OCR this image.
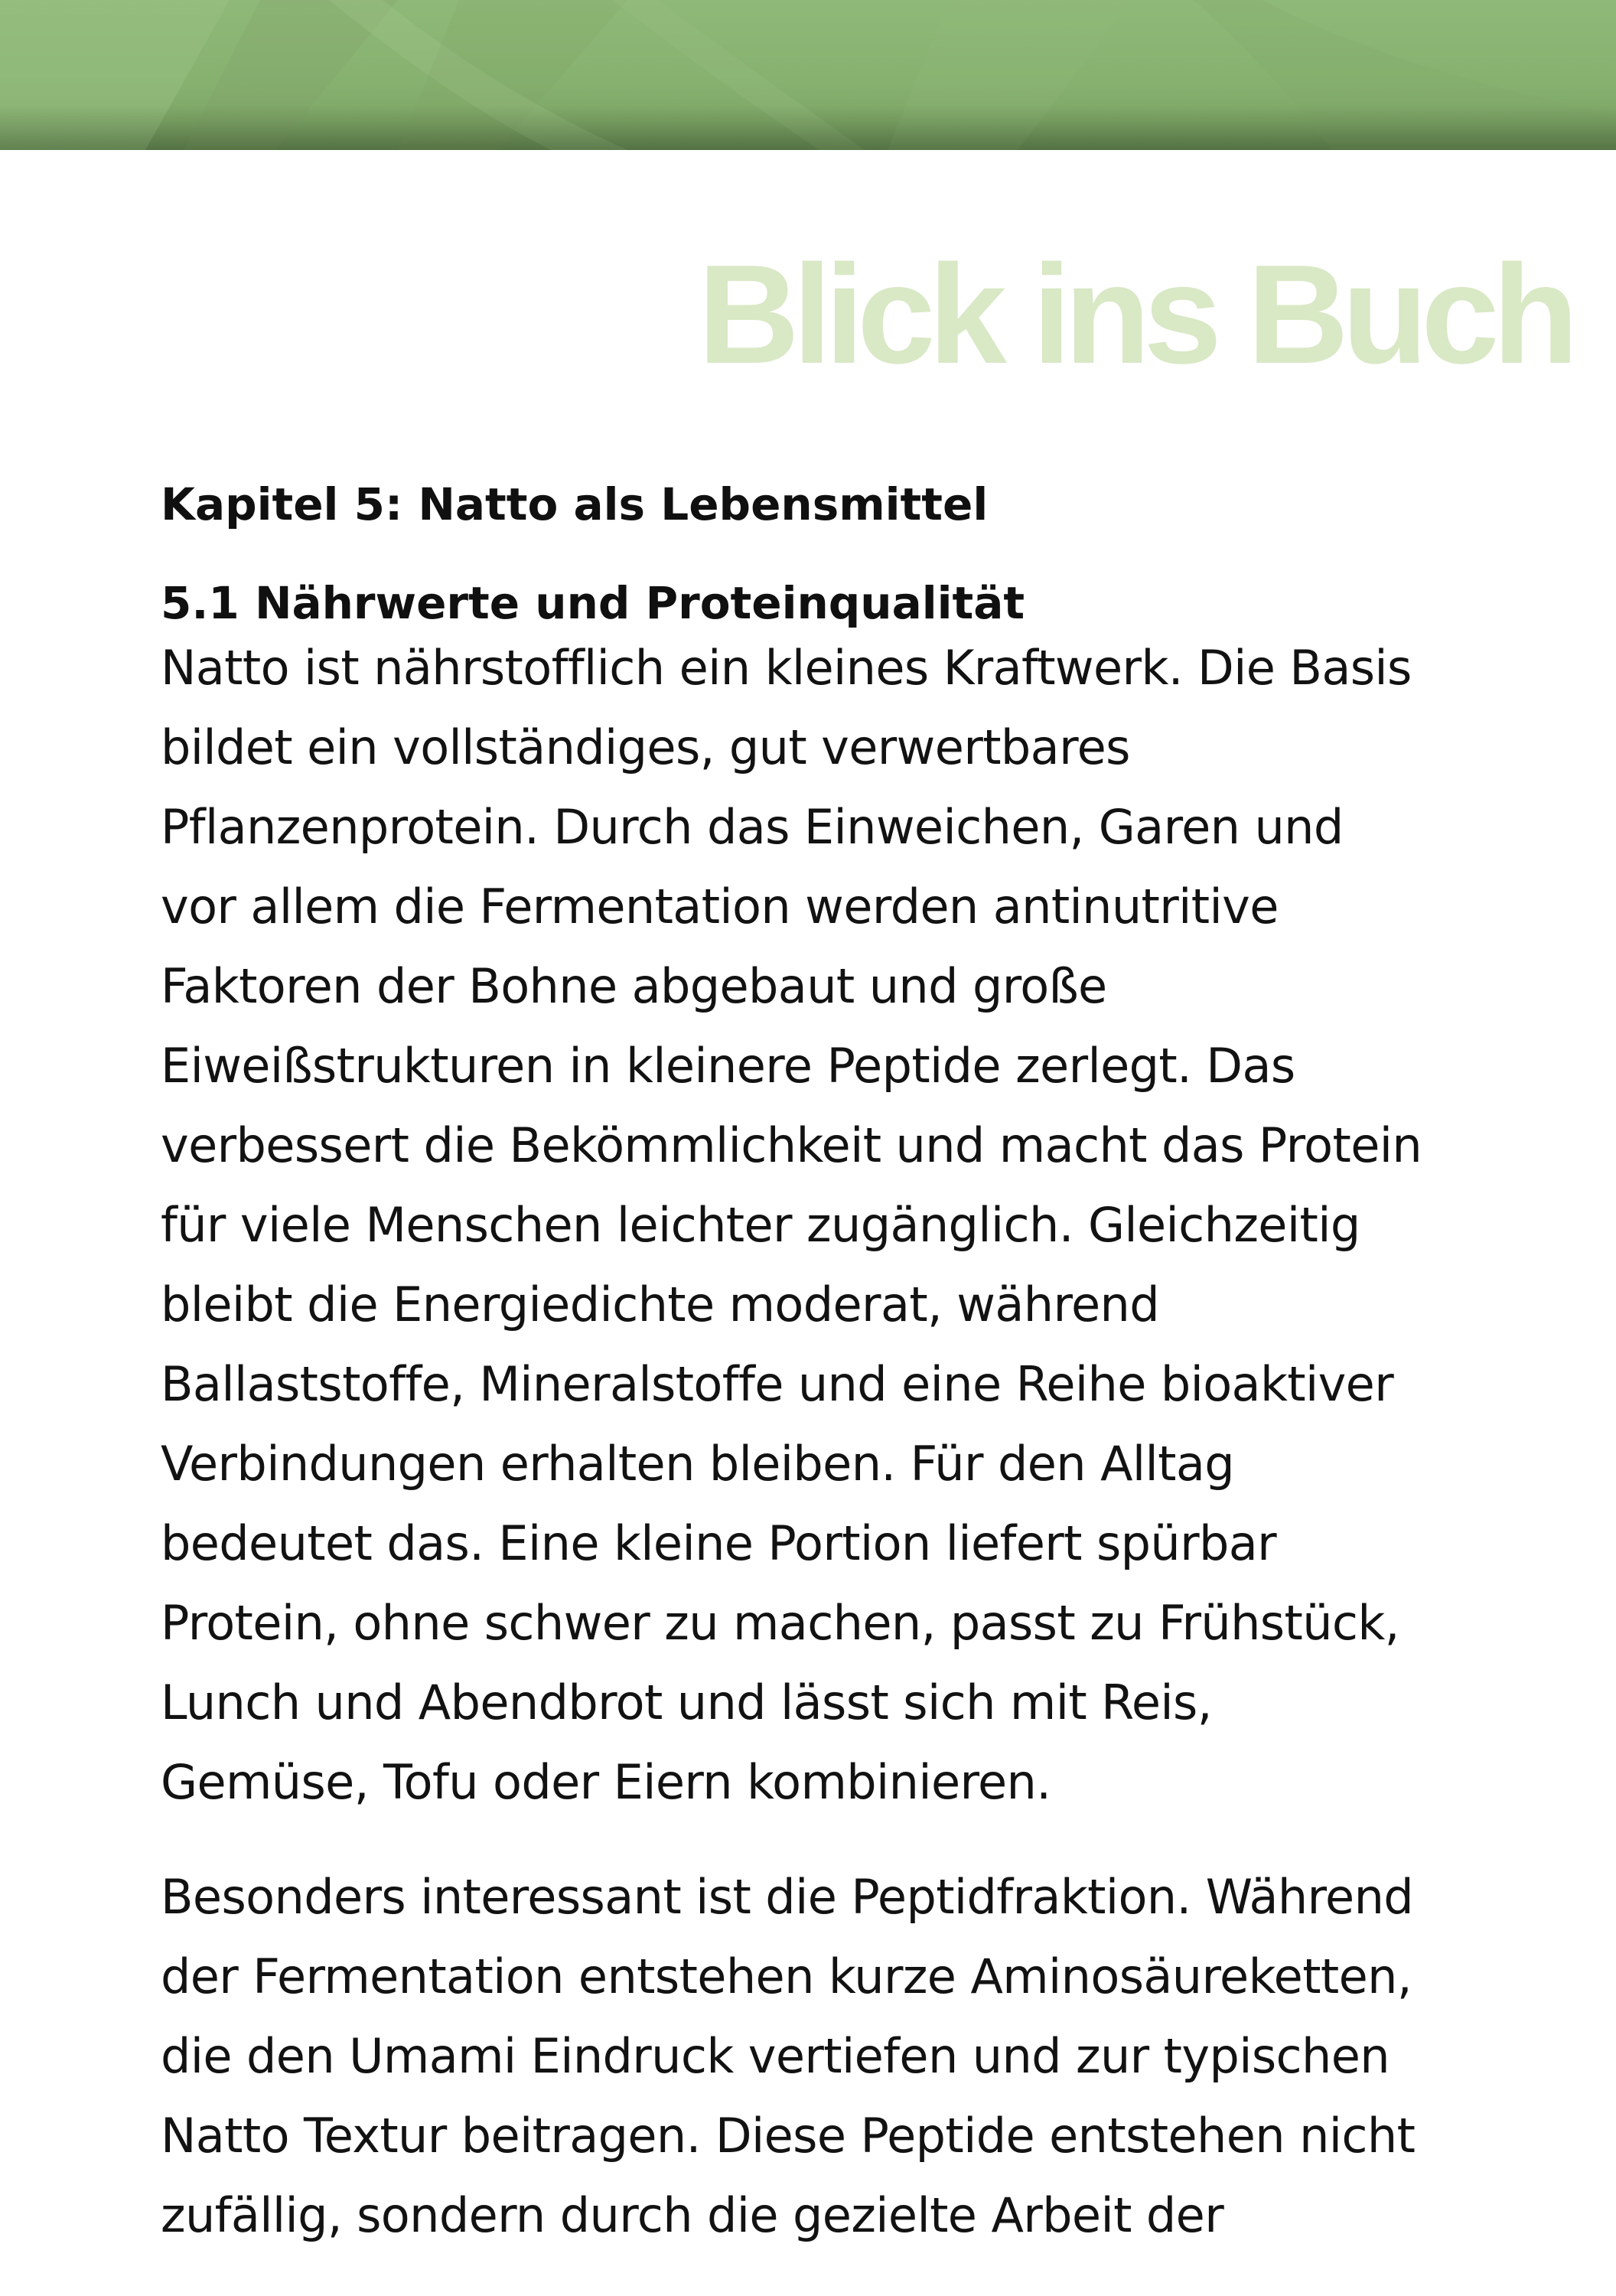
Blick ins Buch
Kapitel 5: Natto als Lebensmittel
5.1 Nährwerte und Proteinqualität

Natto ist nährstofflich ein kleines Kraftwerk. Die Basis
bildet ein vollständiges, gut verwertbares
Pflanzenprotein. Durch das Einweichen, Garen und
vor allem die Fermentation werden antinutritive
Faktoren der Bohne abgebaut und große
Eiweißstrukturen in kleinere Peptide zerlegt. Das
verbessert die Bekömmlichkeit und macht das Protein
für viele Menschen leichter zugänglich. Gleichzeitig
bleibt die Energiedichte moderat, während
Ballaststoffe, Mineralstoffe und eine Reihe bioaktiver
Verbindungen erhalten bleiben. Für den Alltag
bedeutet das. Eine kleine Portion liefert spürbar
Protein, ohne schwer zu machen, passt zu Frühstück,
Lunch und Abendbrot und lässt sich mit Reis,
Gemüse, Tofu oder Eiern kombinieren.

Besonders interessant ist die Peptidfraktion. Während
der Fermentation entstehen kurze Aminosäureketten,
die den Umami Eindruck vertiefen und zur typischen
Natto Textur beitragen. Diese Peptide entstehen nicht
zufällig, sondern durch die gezielte Arbeit der
